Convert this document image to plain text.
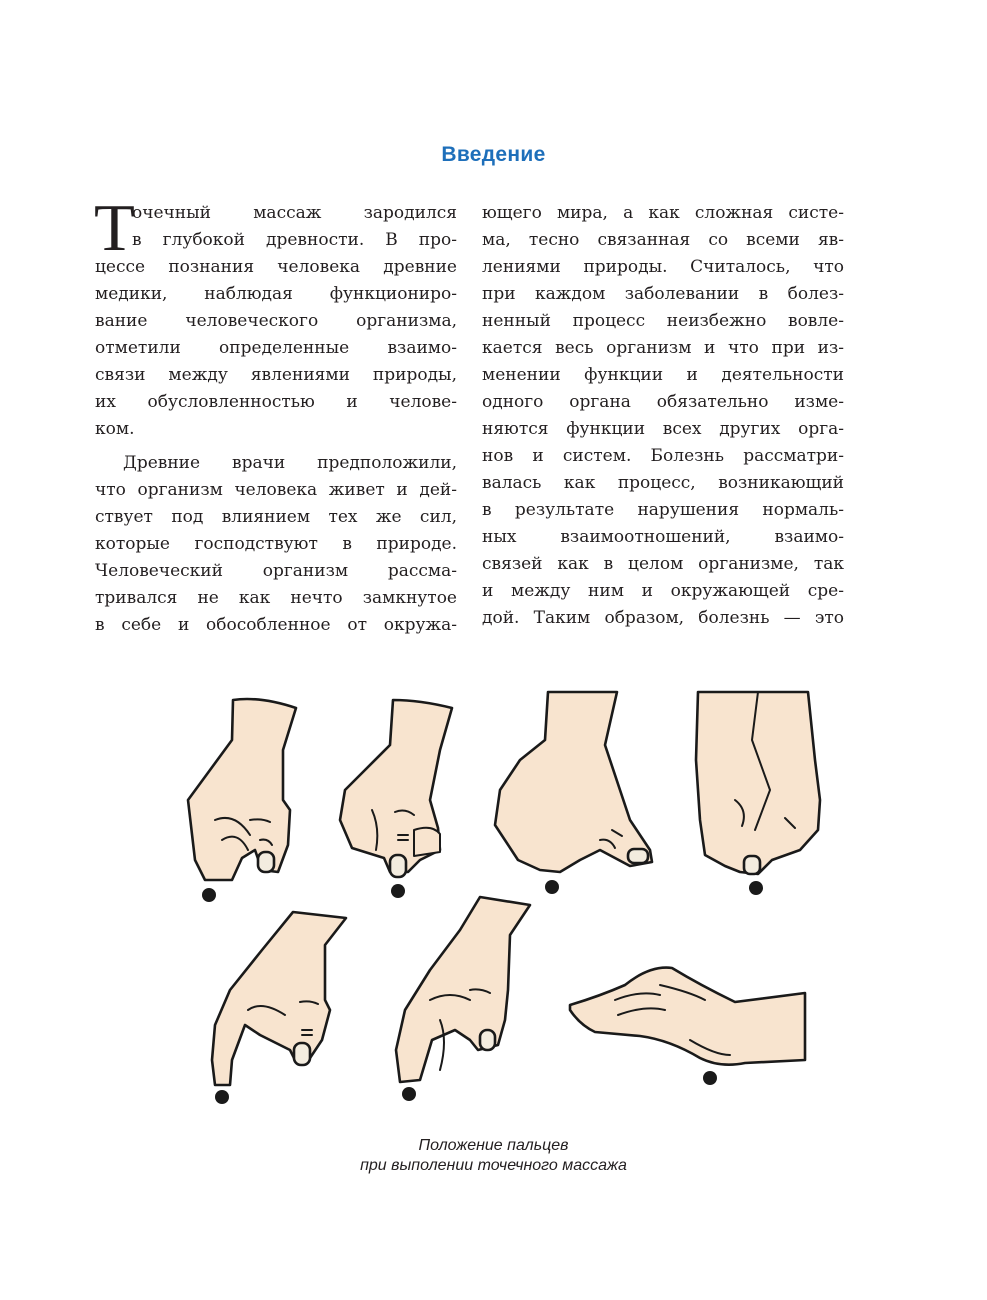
Введение
Т
очечный массаж зародился
в глубокой древности. В про-
цессе познания человека древние
медики, наблюдая функциониро-
вание человеческого организма,
отметили определенные взаимо-
связи между явлениями природы,
их обусловленностью и челове-
ком.
Древние врачи предположили,
что организм человека живет и дей-
ствует под влиянием тех же сил,
которые господствуют в природе.
Человеческий организм рассма-
тривался не как нечто замкнутое
в себе и обособленное от окружа-
ющего мира, а как сложная систе-
ма, тесно связанная со всеми яв-
лениями природы. Считалось, что
при каждом заболевании в болез-
ненный процесс неизбежно вовле-
кается весь организм и что при из-
менении функции и деятельности
одного органа обязательно изме-
няются функции всех других орга-
нов и систем. Болезнь рассматри-
валась как процесс, возникающий
в результате нарушения нормаль-
ных взаимоотношений, взаимо-
связей как в целом организме, так
и между ним и окружающей сре-
дой. Таким образом, болезнь — это
Положение пальцев
при выполении точечного массажа
